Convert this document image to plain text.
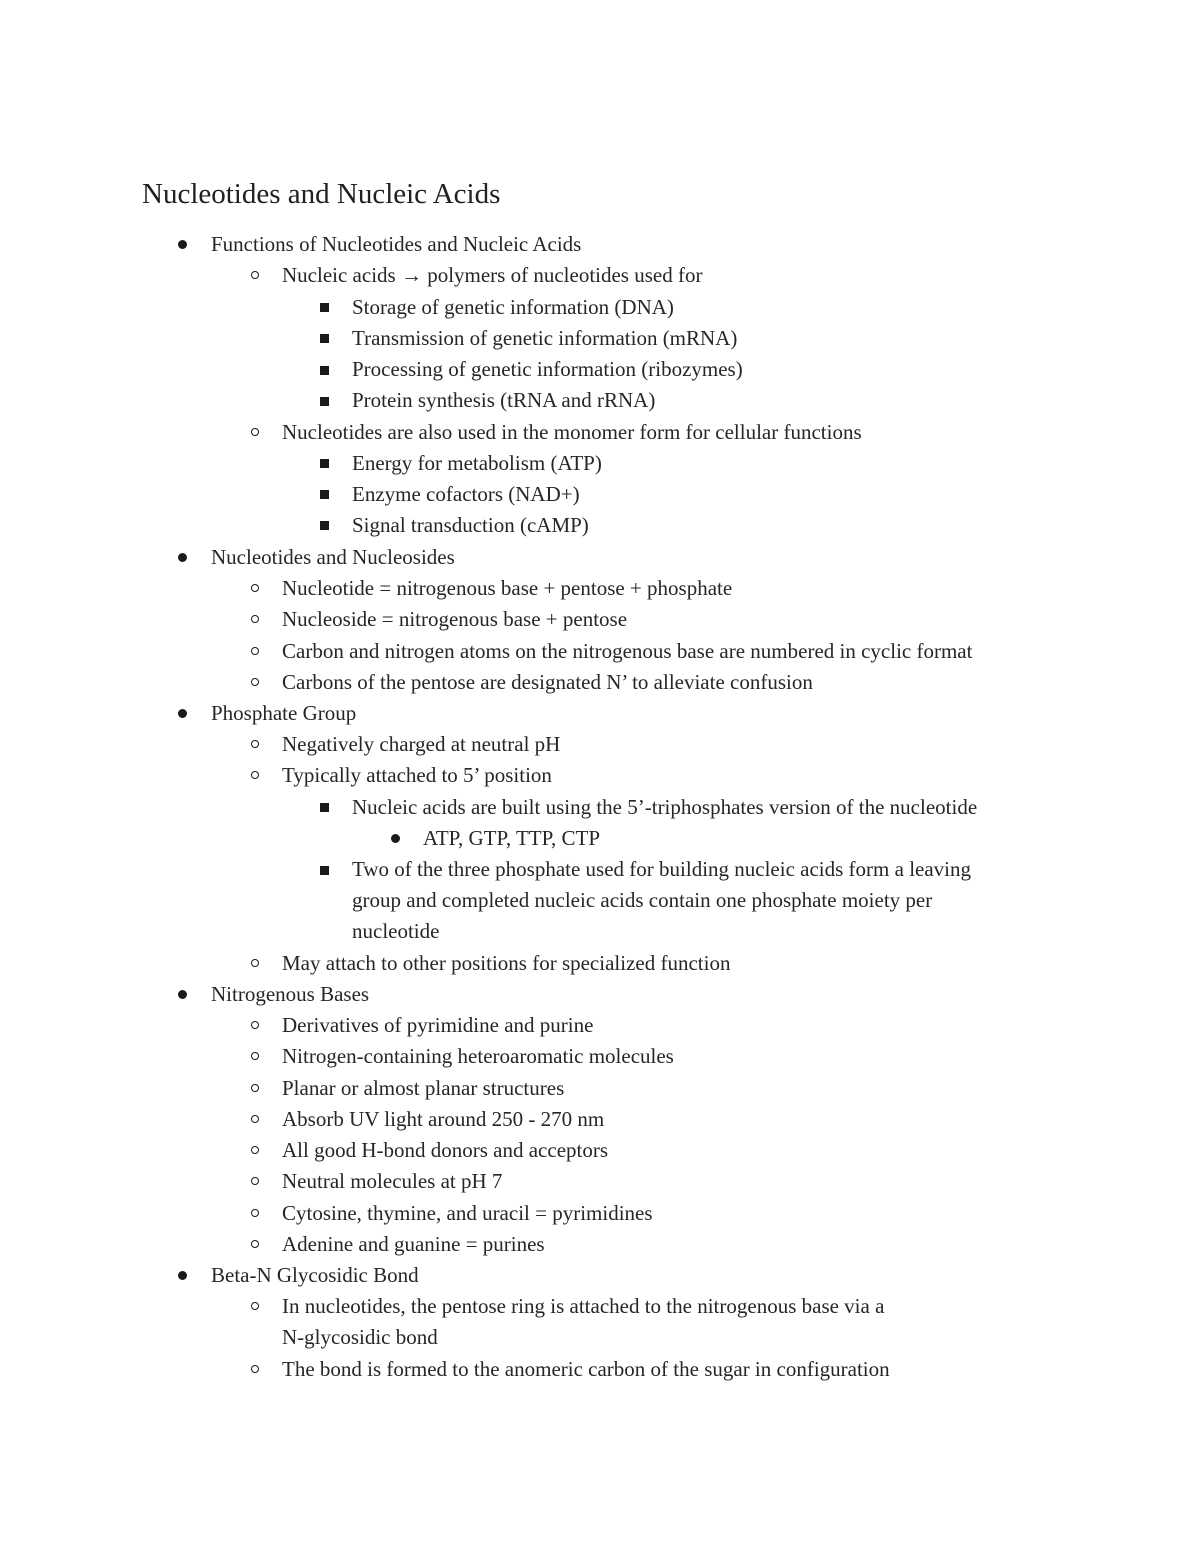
Nucleotides and Nucleic Acids
Functions of Nucleotides and Nucleic Acids
Nucleic acids → polymers of nucleotides used for
Storage of genetic information (DNA)
Transmission of genetic information (mRNA)
Processing of genetic information (ribozymes)
Protein synthesis (tRNA and rRNA)
Nucleotides are also used in the monomer form for cellular functions
Energy for metabolism (ATP)
Enzyme cofactors (NAD+)
Signal transduction (cAMP)
Nucleotides and Nucleosides
Nucleotide = nitrogenous base + pentose + phosphate
Nucleoside = nitrogenous base + pentose
Carbon and nitrogen atoms on the nitrogenous base are numbered in cyclic format
Carbons of the pentose are designated N’ to alleviate confusion
Phosphate Group
Negatively charged at neutral pH
Typically attached to 5’ position
Nucleic acids are built using the 5’-triphosphates version of the nucleotide
ATP, GTP, TTP, CTP
Two of the three phosphate used for building nucleic acids form a leaving
group and completed nucleic acids contain one phosphate moiety per
nucleotide
May attach to other positions for specialized function
Nitrogenous Bases
Derivatives of pyrimidine and purine
Nitrogen-containing heteroaromatic molecules
Planar or almost planar structures
Absorb UV light around 250 - 270 nm
All good H-bond donors and acceptors
Neutral molecules at pH 7
Cytosine, thymine, and uracil = pyrimidines
Adenine and guanine = purines
Beta-N Glycosidic Bond
In nucleotides, the pentose ring is attached to the nitrogenous base via a
N-glycosidic bond
The bond is formed to the anomeric carbon of the sugar in configuration
